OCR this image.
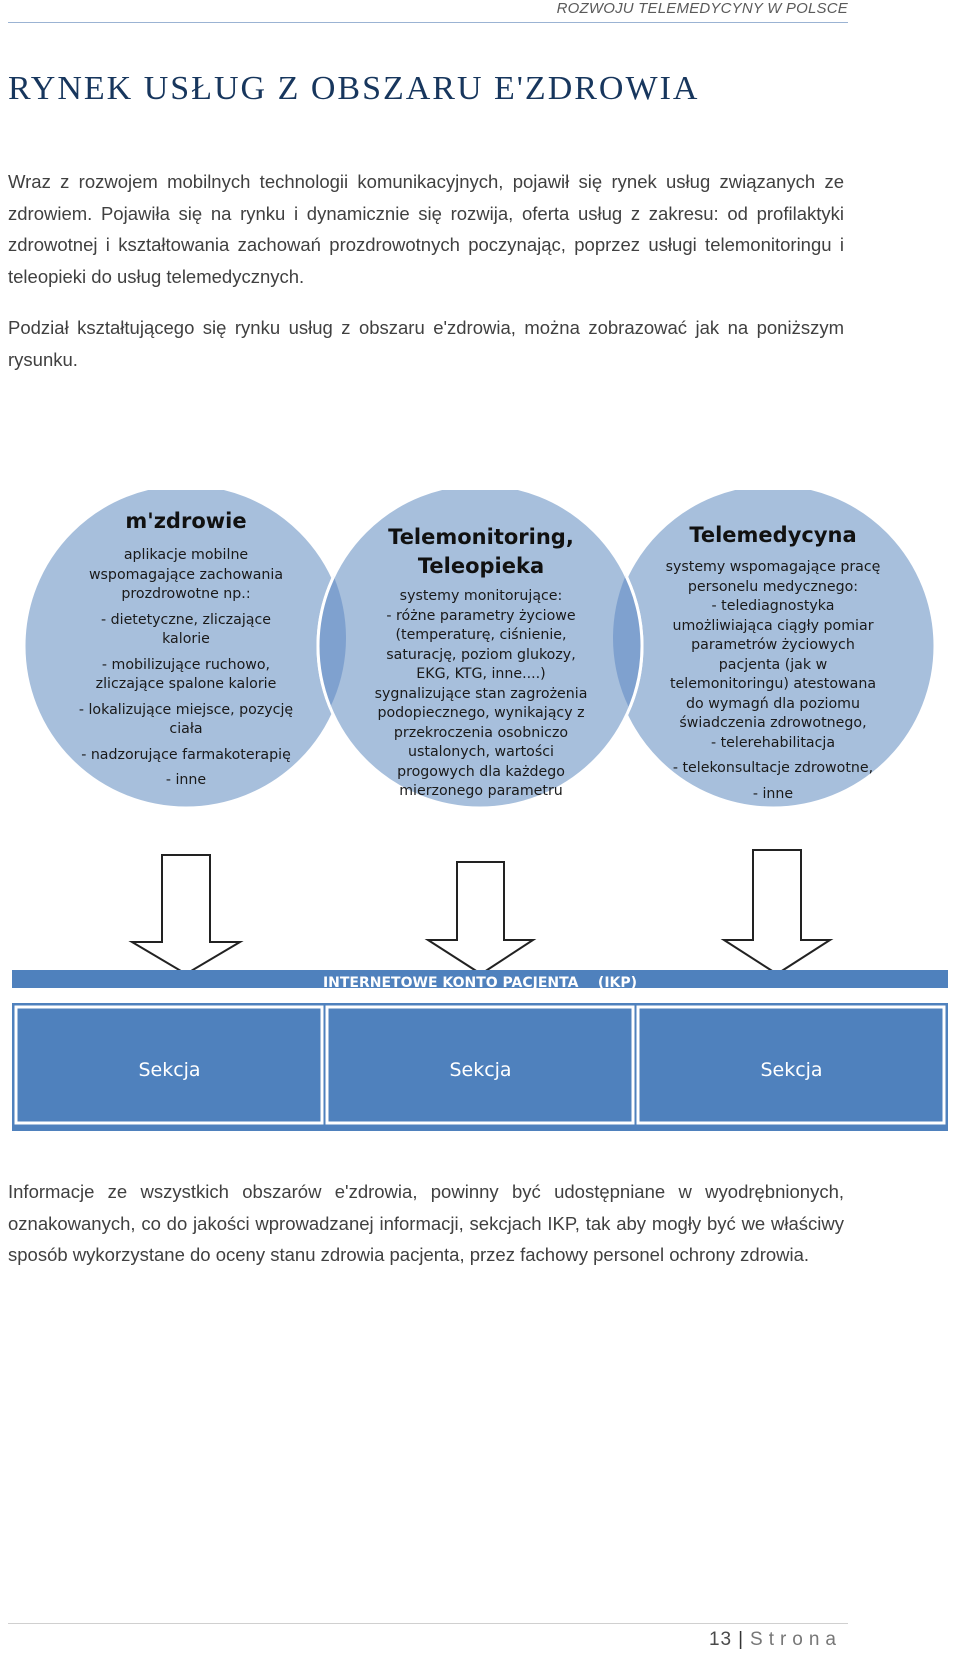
ROZWOJU TELEMEDYCYNY W POLSCE
RYNEK USŁUG Z OBSZARU E'ZDROWIA

Wraz z rozwojem mobilnych technologii komunikacyjnych, pojawił się rynek usług związanych ze zdrowiem. Pojawiła się na rynku i dynamicznie się rozwija, oferta usług z zakresu: od profilaktyki zdrowotnej i kształtowania zachowań prozdrowotnych poczynając, poprzez usługi telemonitoringu i teleopieki do usług telemedycznych.

Podział kształtującego się rynku usług z obszaru e'zdrowia, można zobrazować jak na poniższym rysunku.

m'zdrowie
aplikacje mobilne
wspomagające zachowania
prozdrowotne np.:
- dietetyczne, zliczające
kalorie
- mobilizujące ruchowo,
zliczające spalone kalorie
- lokalizujące miejsce, pozycję
ciała
- nadzorujące farmakoterapię
- inne
Telemonitoring,
Teleopieka
systemy monitorujące:
- różne parametry życiowe
(temperaturę, ciśnienie,
saturację, poziom glukozy,
EKG, KTG, inne....)
sygnalizujące stan zagrożenia
podopiecznego, wynikający z
przekroczenia osobniczo
ustalonych, wartości
progowych dla każdego
mierzonego parametru
Telemedycyna
systemy wspomagające pracę
personelu medycznego:
- telediagnostyka
umożliwiająca ciągły pomiar
parametrów życiowych
pacjenta (jak w
telemonitoringu) atestowana
do wymagń dla poziomu
świadczenia zdrowotnego,
- telerehabilitacja
- telekonsultacje zdrowotne,
- inne
INTERNETOWE KONTO PACJENTA    (IKP)
Sekcja	Sekcja	Sekcja

Informacje ze wszystkich obszarów e'zdrowia, powinny być udostępniane w wyodrębnionych, oznakowanych, co do jakości wprowadzanej informacji, sekcjach IKP, tak aby mogły być we właściwy sposób wykorzystane do oceny stanu zdrowia pacjenta, przez fachowy personel ochrony zdrowia.

13 | Strona
